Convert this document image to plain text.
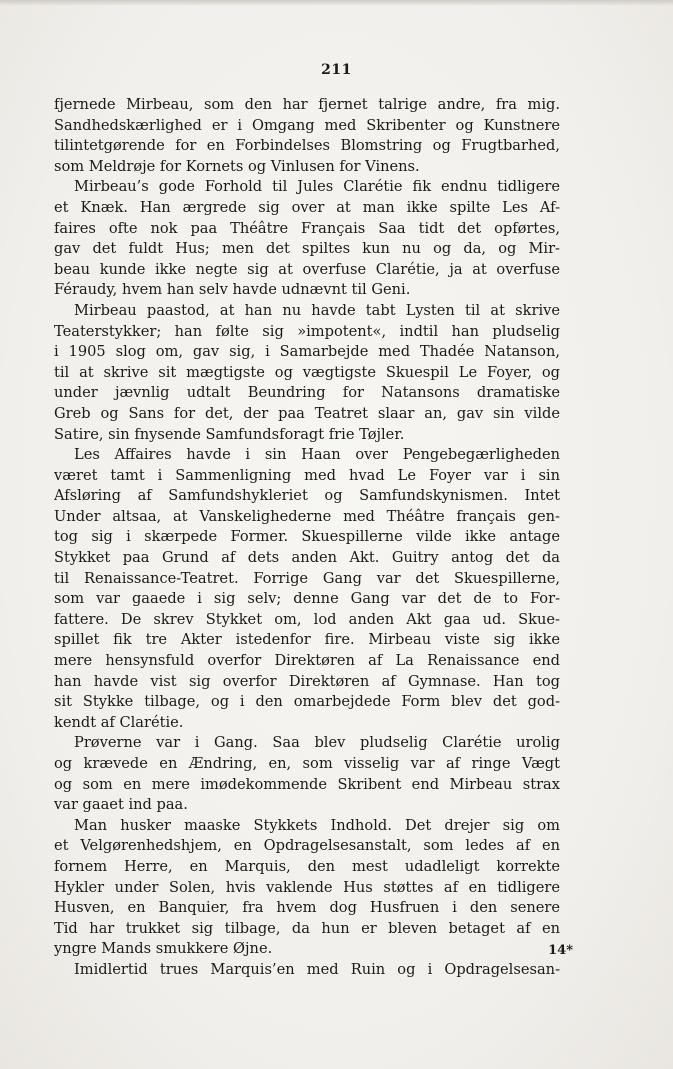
211
fjernede Mirbeau, som den har fjernet talrige andre, fra mig.
Sandhedskærlighed er i Omgang med Skribenter og Kunstnere
tilintetgørende for en Forbindelses Blomstring og Frugtbarhed,
som Meldrøje for Kornets og Vinlusen for Vinens.
Mirbeau’s gode Forhold til Jules Clarétie fik endnu tidligere
et Knæk. Han ærgrede sig over at man ikke spilte Les Af-
faires ofte nok paa Théâtre Français Saa tidt det opførtes,
gav det fuldt Hus; men det spiltes kun nu og da, og Mir-
beau kunde ikke negte sig at overfuse Clarétie, ja at overfuse
Féraudy, hvem han selv havde udnævnt til Geni.
Mirbeau paastod, at han nu havde tabt Lysten til at skrive
Teaterstykker; han følte sig »impotent«, indtil han pludselig
i 1905 slog om, gav sig, i Samarbejde med Thadée Natanson,
til at skrive sit mægtigste og vægtigste Skuespil Le Foyer, og
under jævnlig udtalt Beundring for Natansons dramatiske
Greb og Sans for det, der paa Teatret slaar an, gav sin vilde
Satire, sin fnysende Samfundsforagt frie Tøjler.
Les Affaires havde i sin Haan over Pengebegærligheden
været tamt i Sammenligning med hvad Le Foyer var i sin
Afsløring af Samfundshykleriet og Samfundskynismen. Intet
Under altsaa, at Vanskelighederne med Théâtre français gen-
tog sig i skærpede Former. Skuespillerne vilde ikke antage
Stykket paa Grund af dets anden Akt. Guitry antog det da
til Renaissance-Teatret. Forrige Gang var det Skuespillerne,
som var gaaede i sig selv; denne Gang var det de to For-
fattere. De skrev Stykket om, lod anden Akt gaa ud. Skue-
spillet fik tre Akter istedenfor fire. Mirbeau viste sig ikke
mere hensynsfuld overfor Direktøren af La Renaissance end
han havde vist sig overfor Direktøren af Gymnase. Han tog
sit Stykke tilbage, og i den omarbejdede Form blev det god-
kendt af Clarétie.
Prøverne var i Gang. Saa blev pludselig Clarétie urolig
og krævede en Ændring, en, som visselig var af ringe Vægt
og som en mere imødekommende Skribent end Mirbeau strax
var gaaet ind paa.
Man husker maaske Stykkets Indhold. Det drejer sig om
et Velgørenhedshjem, en Opdragelsesanstalt, som ledes af en
fornem Herre, en Marquis, den mest udadleligt korrekte
Hykler under Solen, hvis vaklende Hus støttes af en tidligere
Husven, en Banquier, fra hvem dog Husfruen i den senere
Tid har trukket sig tilbage, da hun er bleven betaget af en
yngre Mands smukkere Øjne.
Imidlertid trues Marquis’en med Ruin og i Opdragelsesan-
14*
